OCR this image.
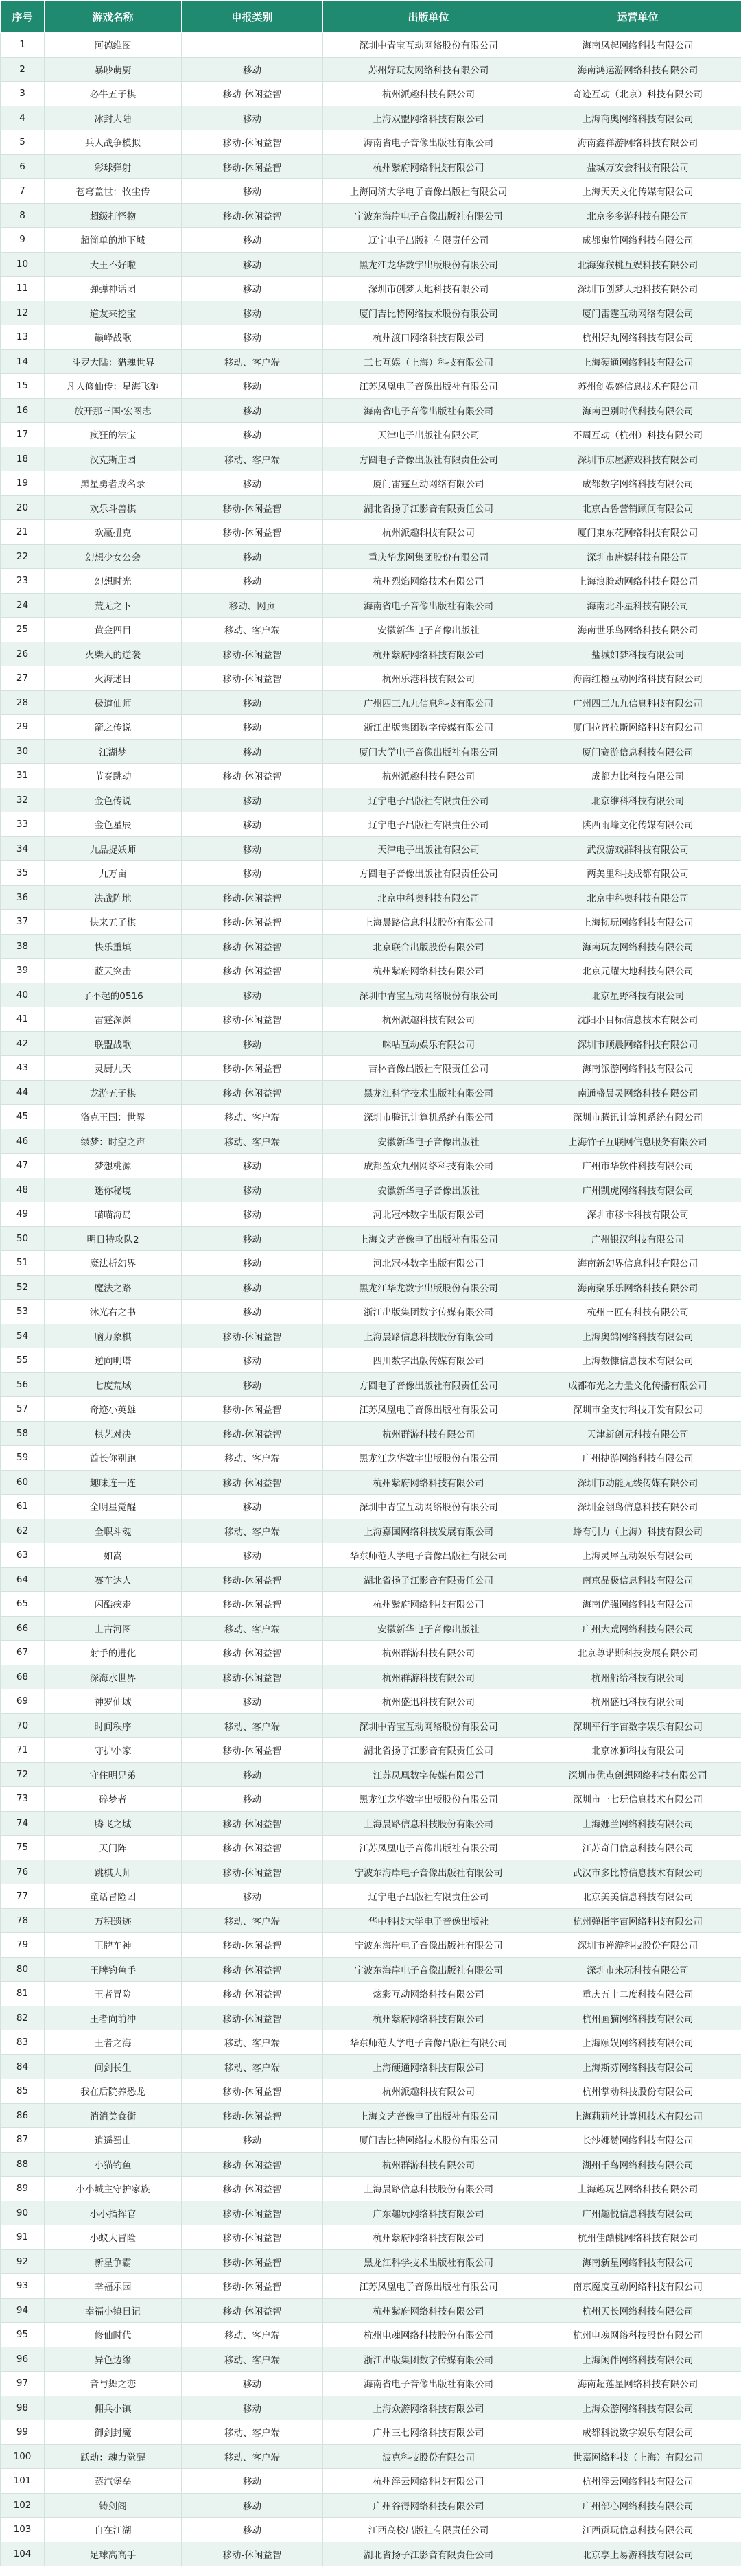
序号	游戏名称	申报类别	出版单位	运营单位
1	阿德维图		深圳中青宝互动网络股份有限公司	海南凤起网络科技有限公司
2	暴吵萌厨	移动	苏州好玩友网络科技有限公司	海南鸿运游网络科技有限公司
3	必牛五子棋	移动-休闲益智	杭州派趣科技有限公司	奇迹互动（北京）科技有限公司
4	冰封大陆	移动	上海双盟网络科技有限公司	上海商奥网络科技有限公司
5	兵人战争模拟	移动-休闲益智	海南省电子音像出版社有限公司	海南鑫祥游网络科技有限公司
6	彩球弹射	移动-休闲益智	杭州紫府网络科技有限公司	盐城万安会科技有限公司
7	苍穹盖世：牧尘传	移动	上海同济大学电子音像出版社有限公司	上海天天文化传媒有限公司
8	超级打怪物	移动-休闲益智	宁波东海岸电子音像出版社有限公司	北京多多游科技有限公司
9	超简单的地下城	移动	辽宁电子出版社有限责任公司	成都鬼竹网络科技有限公司
10	大王不好啦	移动	黑龙江龙华数字出版股份有限公司	北海猕猴桃互娱科技有限公司
11	弹弹神话团	移动	深圳市创梦天地科技有限公司	深圳市创梦天地科技有限公司
12	道友来挖宝	移动	厦门吉比特网络技术股份有限公司	厦门雷霆互动网络有限公司
13	巅峰战歌	移动	杭州渡口网络科技有限公司	杭州好丸网络科技有限公司
14	斗罗大陆：猎魂世界	移动、客户端	三七互娱（上海）科技有限公司	上海硬通网络科技有限公司
15	凡人修仙传：星海飞驰	移动	江苏凤凰电子音像出版社有限公司	苏州创娱盛信息技术有限公司
16	放开那三国·宏图志	移动	海南省电子音像出版社有限公司	海南巴别时代科技有限公司
17	疯狂的法宝	移动	天津电子出版社有限公司	不周互动（杭州）科技有限公司
18	汉克斯庄园	移动、客户端	方圆电子音像出版社有限责任公司	深圳市凉屋游戏科技有限公司
19	黑星勇者成名录	移动	厦门雷霆互动网络有限公司	成都数字网络科技有限公司
20	欢乐斗兽棋	移动-休闲益智	湖北省扬子江影音有限责任公司	北京古鲁营销顾问有限公司
21	欢赢扭克	移动-休闲益智	杭州派趣科技有限公司	厦门東东花网络科技有限公司
22	幻想少女公会	移动	重庆华龙网集团股份有限公司	深圳市唐娱科技有限公司
23	幻想时光	移动	杭州烈焰网络技术有限公司	上海浪脸动网络科技有限公司
24	荒无之下	移动、网页	海南省电子音像出版社有限公司	海南北斗星科技有限公司
25	黄金四目	移动、客户端	安徽新华电子音像出版社	海南世乐鸟网络科技有限公司
26	火柴人的逆袭	移动-休闲益智	杭州紫府网络科技有限公司	盐城如梦科技有限公司
27	火海迷日	移动-休闲益智	杭州乐港科技有限公司	海南红橙互动网络科技有限公司
28	极道仙师	移动	广州四三九九信息科技有限公司	广州四三九九信息科技有限公司
29	箭之传说	移动	浙江出版集团数字传媒有限公司	厦门拉普拉斯网络科技有限公司
30	江湖梦	移动	厦门大学电子音像出版社有限公司	厦门赛游信息科技有限公司
31	节奏跳动	移动-休闲益智	杭州派趣科技有限公司	成都力比科技有限公司
32	金色传说	移动	辽宁电子出版社有限责任公司	北京维科科技有限公司
33	金色星辰	移动	辽宁电子出版社有限责任公司	陕西雨峰文化传媒有限公司
34	九品捉妖师	移动	天津电子出版社有限公司	武汉游戏群科技有限公司
35	九万亩	移动	方圆电子音像出版社有限责任公司	两美里科技成都有限公司
36	决战阵地	移动-休闲益智	北京中科奥科技有限公司	北京中科奥科技有限公司
37	快来五子棋	移动-休闲益智	上海晨路信息科技股份有限公司	上海韧玩网络科技有限公司
38	快乐重填	移动-休闲益智	北京联合出版股份有限公司	海南玩友网络科技有限公司
39	蓝天突击	移动-休闲益智	杭州紫府网络科技有限公司	北京元耀大地科技有限公司
40	了不起的0516	移动	深圳中青宝互动网络股份有限公司	北京星野科技有限公司
41	雷霆深渊	移动-休闲益智	杭州派趣科技有限公司	沈阳小目标信息技术有限公司
42	联盟战歌	移动	咪咕互动娱乐有限公司	深圳市顺晨网络科技有限公司
43	灵厨九天	移动-休闲益智	吉林音像出版社有限责任公司	海南派游网络科技有限公司
44	龙游五子棋	移动-休闲益智	黑龙江科学技术出版社有限公司	南通盛晨灵网络科技有限公司
45	洛克王国：世界	移动、客户端	深圳市腾讯计算机系统有限公司	深圳市腾讯计算机系统有限公司
46	绿梦：时空之声	移动、客户端	安徽新华电子音像出版社	上海竹子互联网信息服务有限公司
47	梦想桃源	移动	成都盈众九州网络科技有限公司	广州市华软件科技有限公司
48	迷你秘境	移动	安徽新华电子音像出版社	广州凯虎网络科技有限公司
49	喵喵海岛	移动	河北冠林数字出版有限公司	深圳市移卡科技有限公司
50	明日特攻队2	移动	上海文艺音像电子出版社有限公司	广州银汉科技有限公司
51	魔法析幻界	移动	河北冠林数字出版有限公司	海南新幻界信息科技有限公司
52	魔法之路	移动	黑龙江华龙数字出版股份有限公司	海南聚乐乐网络科技有限公司
53	沐光右之书	移动	浙江出版集团数字传媒有限公司	杭州三匠有科技有限公司
54	脑力象棋	移动-休闲益智	上海晨路信息科技股份有限公司	上海奥鸽网络科技有限公司
55	逆向明塔	移动	四川数字出版传媒有限公司	上海数慷信息技术有限公司
56	七度荒域	移动	方圆电子音像出版社有限责任公司	成都布光之力量文化传播有限公司
57	奇迹小英雄	移动-休闲益智	江苏凤凰电子音像出版社有限公司	深圳市全支付科技开发有限公司
58	棋艺对决	移动-休闲益智	杭州群游科技有限公司	天津新创元科技有限公司
59	酋长你别跑	移动、客户端	黑龙江龙华数字出版股份有限公司	广州捷游网络科技有限公司
60	趣味连一连	移动-休闲益智	杭州紫府网络科技有限公司	深圳市动能无线传媒有限公司
61	全明星觉醒	移动	深圳中青宝互动网络股份有限公司	深圳金翎鸟信息科技有限公司
62	全职斗魂	移动、客户端	上海嘉国网络科技发展有限公司	蜂有引力（上海）科技有限公司
63	如嵩	移动	华东师范大学电子音像出版社有限公司	上海灵犀互动娱乐有限公司
64	赛车达人	移动-休闲益智	湖北省扬子江影音有限责任公司	南京晶极信息科技有限公司
65	闪酷疾走	移动-休闲益智	杭州紫府网络科技有限公司	海南优强网络科技有限公司
66	上古河图	移动、客户端	安徽新华电子音像出版社	广州大荒网络科技有限公司
67	射手的进化	移动-休闲益智	杭州群游科技有限公司	北京尊诺斯科技发展有限公司
68	深海水世界	移动-休闲益智	杭州群游科技有限公司	杭州船给科技有限公司
69	神罗仙域	移动	杭州盛迅科技有限公司	杭州盛迅科技有限公司
70	时间秩序	移动、客户端	深圳中青宝互动网络股份有限公司	深圳平行宇宙数字娱乐有限公司
71	守护小家	移动-休闲益智	湖北省扬子江影音有限责任公司	北京冰狮科技有限公司
72	守住明兄弟	移动	江苏凤凰数字传媒有限公司	深圳市优点创想网络科技有限公司
73	碎梦者	移动	黑龙江龙华数字出版股份有限公司	深圳市一七玩信息技术有限公司
74	腾飞之城	移动-休闲益智	上海晨路信息科技股份有限公司	上海娜兰网络科技有限公司
75	天门阵	移动-休闲益智	江苏凤凰电子音像出版社有限公司	江苏奇门信息科技有限公司
76	跳棋大师	移动-休闲益智	宁波东海岸电子音像出版社有限公司	武汉市多比特信息技术有限公司
77	童话冒险团	移动	辽宁电子出版社有限责任公司	北京美美信息科技有限公司
78	万积遗迹	移动、客户端	华中科技大学电子音像出版社	杭州弹指宇宙网络科技有限公司
79	王牌车神	移动-休闲益智	宁波东海岸电子音像出版社有限公司	深圳市禅游科技股份有限公司
80	王牌钓鱼手	移动-休闲益智	宁波东海岸电子音像出版社有限公司	深圳市来玩科技有限公司
81	王者冒险	移动-休闲益智	炫彩互动网络科技有限公司	重庆五十二度科技有限公司
82	王者向前冲	移动-休闲益智	杭州紫府网络科技有限公司	杭州画猫网络科技有限公司
83	王者之海	移动、客户端	华东师范大学电子音像出版社有限公司	上海颐娱网络科技有限公司
84	问剑长生	移动、客户端	上海硬通网络科技有限公司	上海斯芬网络科技有限公司
85	我在后院养恐龙	移动-休闲益智	杭州派趣科技有限公司	杭州掌动科技股份有限公司
86	消消美食街	移动-休闲益智	上海文艺音像电子出版社有限公司	上海莉莉丝计算机技术有限公司
87	逍遥蜀山	移动	厦门吉比特网络技术股份有限公司	长沙娜赞网络科技有限公司
88	小猫钓鱼	移动-休闲益智	杭州群游科技有限公司	湖州千鸟网络科技有限公司
89	小小城主守护家族	移动-休闲益智	上海晨路信息科技股份有限公司	上海趣玩艺网络科技有限公司
90	小小指挥官	移动-休闲益智	广东趣玩网络科技有限公司	广州趣悦信息科技有限公司
91	小蚁大冒险	移动-休闲益智	杭州紫府网络科技有限公司	杭州佳酷桃网络科技有限公司
92	新星争霸	移动-休闲益智	黑龙江科学技术出版社有限公司	海南新星网络科技有限公司
93	幸福乐园	移动-休闲益智	江苏凤凰电子音像出版社有限公司	南京魔度互动网络科技有限公司
94	幸福小镇日记	移动-休闲益智	杭州紫府网络科技有限公司	杭州天长网络科技有限公司
95	修仙时代	移动、客户端	杭州电魂网络科技股份有限公司	杭州电魂网络科技股份有限公司
96	异色边缘	移动、客户端	浙江出版集团数字传媒有限公司	上海闲伴网络科技有限公司
97	音与舞之恋	移动	海南省电子音像出版社有限公司	海南超莲星网络科技有限公司
98	佣兵小镇	移动	上海众游网络科技有限公司	上海众游网络科技有限公司
99	御剑封魔	移动、客户端	广州三七网络科技有限公司	成都科锐数字娱乐有限公司
100	跃动：魂力觉醒	移动、客户端	波克科技股份有限公司	世嘉网络科技（上海）有限公司
101	蒸汽堡垒	移动	杭州浮云网络科技有限公司	杭州浮云网络科技有限公司
102	铸剑阁	移动	广州谷得网络科技有限公司	广州部心网络科技有限公司
103	自在江湖	移动	江西高校出版社有限责任公司	江西贡玩信息科技有限公司
104	足球高高手	移动-休闲益智	湖北省扬子江影音有限责任公司	北京享上易游科技有限公司
